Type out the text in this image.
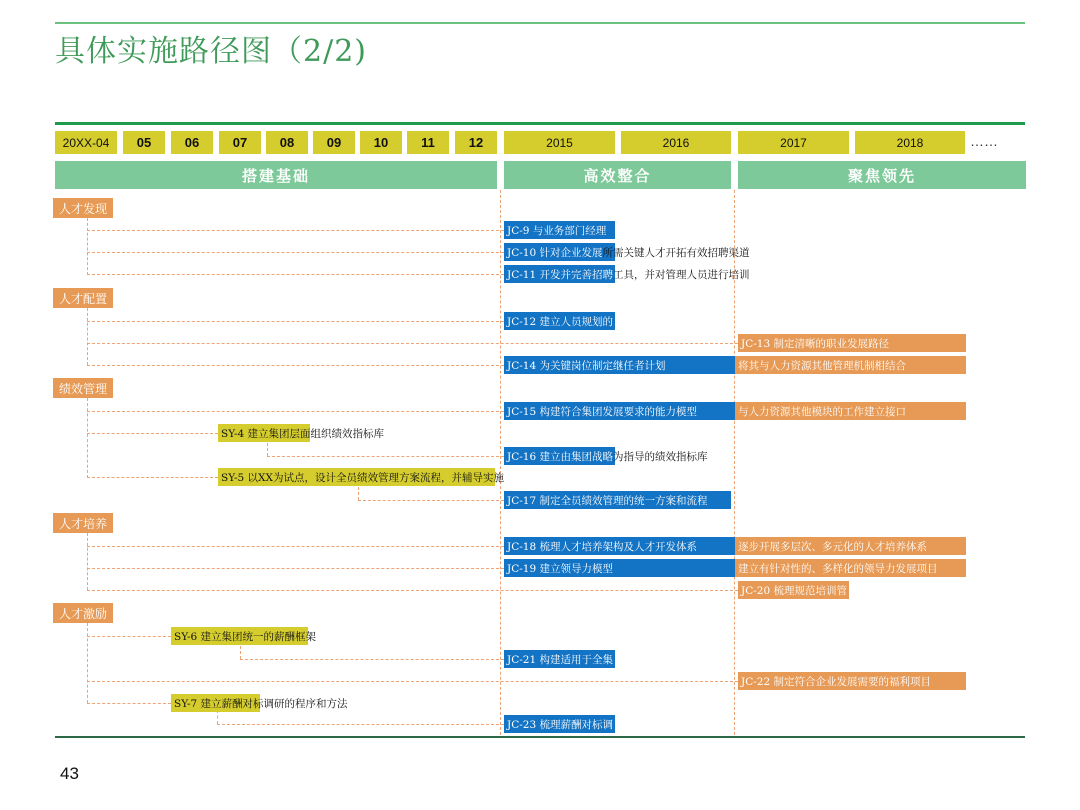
具体实施路径图（2/2)
20XX-04	05	06	07	08	09	10	11	12	2015	2016	2017	2018	……
搭建基础	高效整合	聚焦领先
人才发现
人才配置
绩效管理
人才培养
人才激励
JC-9 与业务部门经理
JC-10 针对企业发展 所需关键人才开拓有效招聘渠道
JC-11 开发并完善招聘 工具，并对管理人员进行培训
JC-12 建立人员规划的
JC-13 制定清晰的职业发展路径
JC-14 为关键岗位制定继任者计划	将其与人力资源其他管理机制相结合
JC-15 构建符合集团发展要求的能力模型	与人力资源其他模块的工作建立接口
SY-4 建立集团层面 组织绩效指标库
JC-16 建立由集团战略 为指导的绩效指标库
SY-5 以XX为试点，设计全员绩效管理方案流程，并辅 导实施
JC-17 制定全员绩效管理的统一方案和流程
JC-18 梳理人才培养架构及人才开发体系	逐步开展多层次、多元化的人才培养体系
JC-19 建立领导力模型	建立有针对性的、多样化的领导力发展项目
JC-20 梳理规范培训管
SY-6 建立集团统一的薪酬 框架
JC-21 构建适用于全集
JC-22 制定符合企业发展需要的福利项目
SY-7 建立薪酬对 标调研的程序和方法
JC-23 梳理薪酬对标调
43
